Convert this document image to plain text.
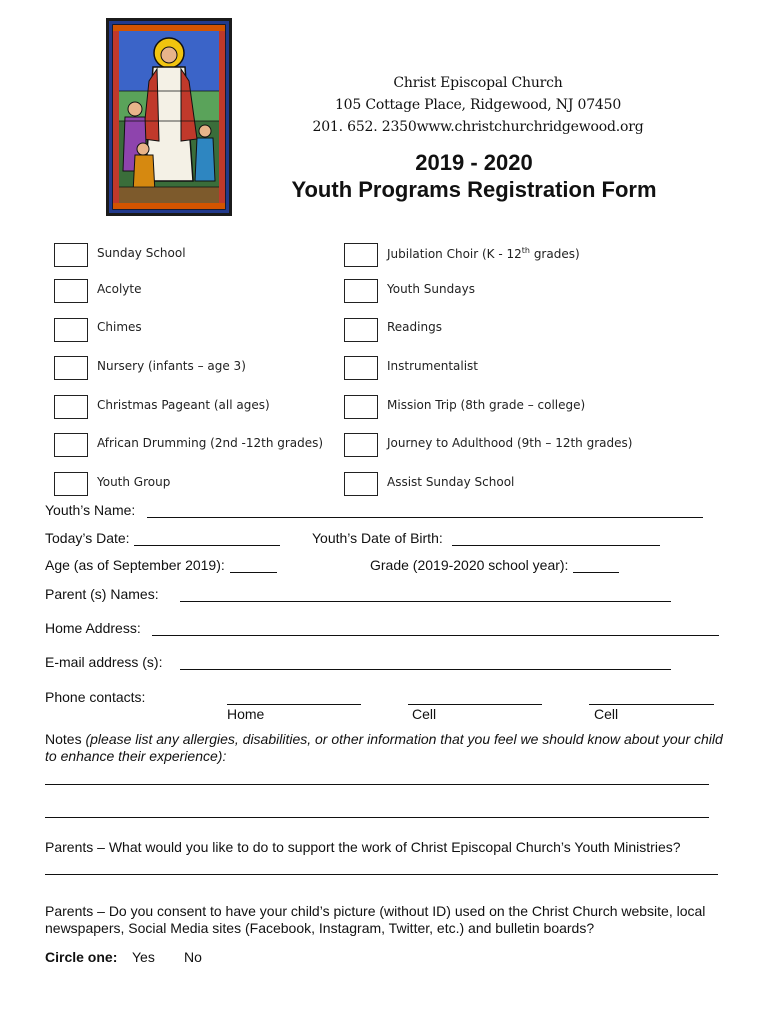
Christ Episcopal Church
105 Cottage Place, Ridgewood, NJ 07450
201. 652. 2350www.christchurchridgewood.org
2019 - 2020
Youth Programs Registration Form
Sunday School
Acolyte
Chimes
Nursery (infants – age 3)
Christmas Pageant (all ages)
African Drumming (2nd -12th grades)
Youth Group
Jubilation Choir (K - 12th grades)
Youth Sundays
Readings
Instrumentalist
Mission Trip (8th grade – college)
Journey to Adulthood (9th – 12th grades)
Assist Sunday School
Youth’s Name:
Today’s Date:	Youth’s Date of Birth:
Age (as of September 2019):	Grade (2019-2020 school year):
Parent (s) Names:
Home Address:
E-mail address (s):
Phone contacts:
Home	Cell	Cell
Notes (please list any allergies, disabilities, or other information that you feel we should know about your child to enhance their experience):
Parents – What would you like to do to support the work of Christ Episcopal Church’s Youth Ministries?
Parents – Do you consent to have your child’s picture (without ID) used on the Christ Church website, local newspapers, Social Media sites (Facebook, Instagram, Twitter, etc.) and bulletin boards?
Circle one: Yes No
